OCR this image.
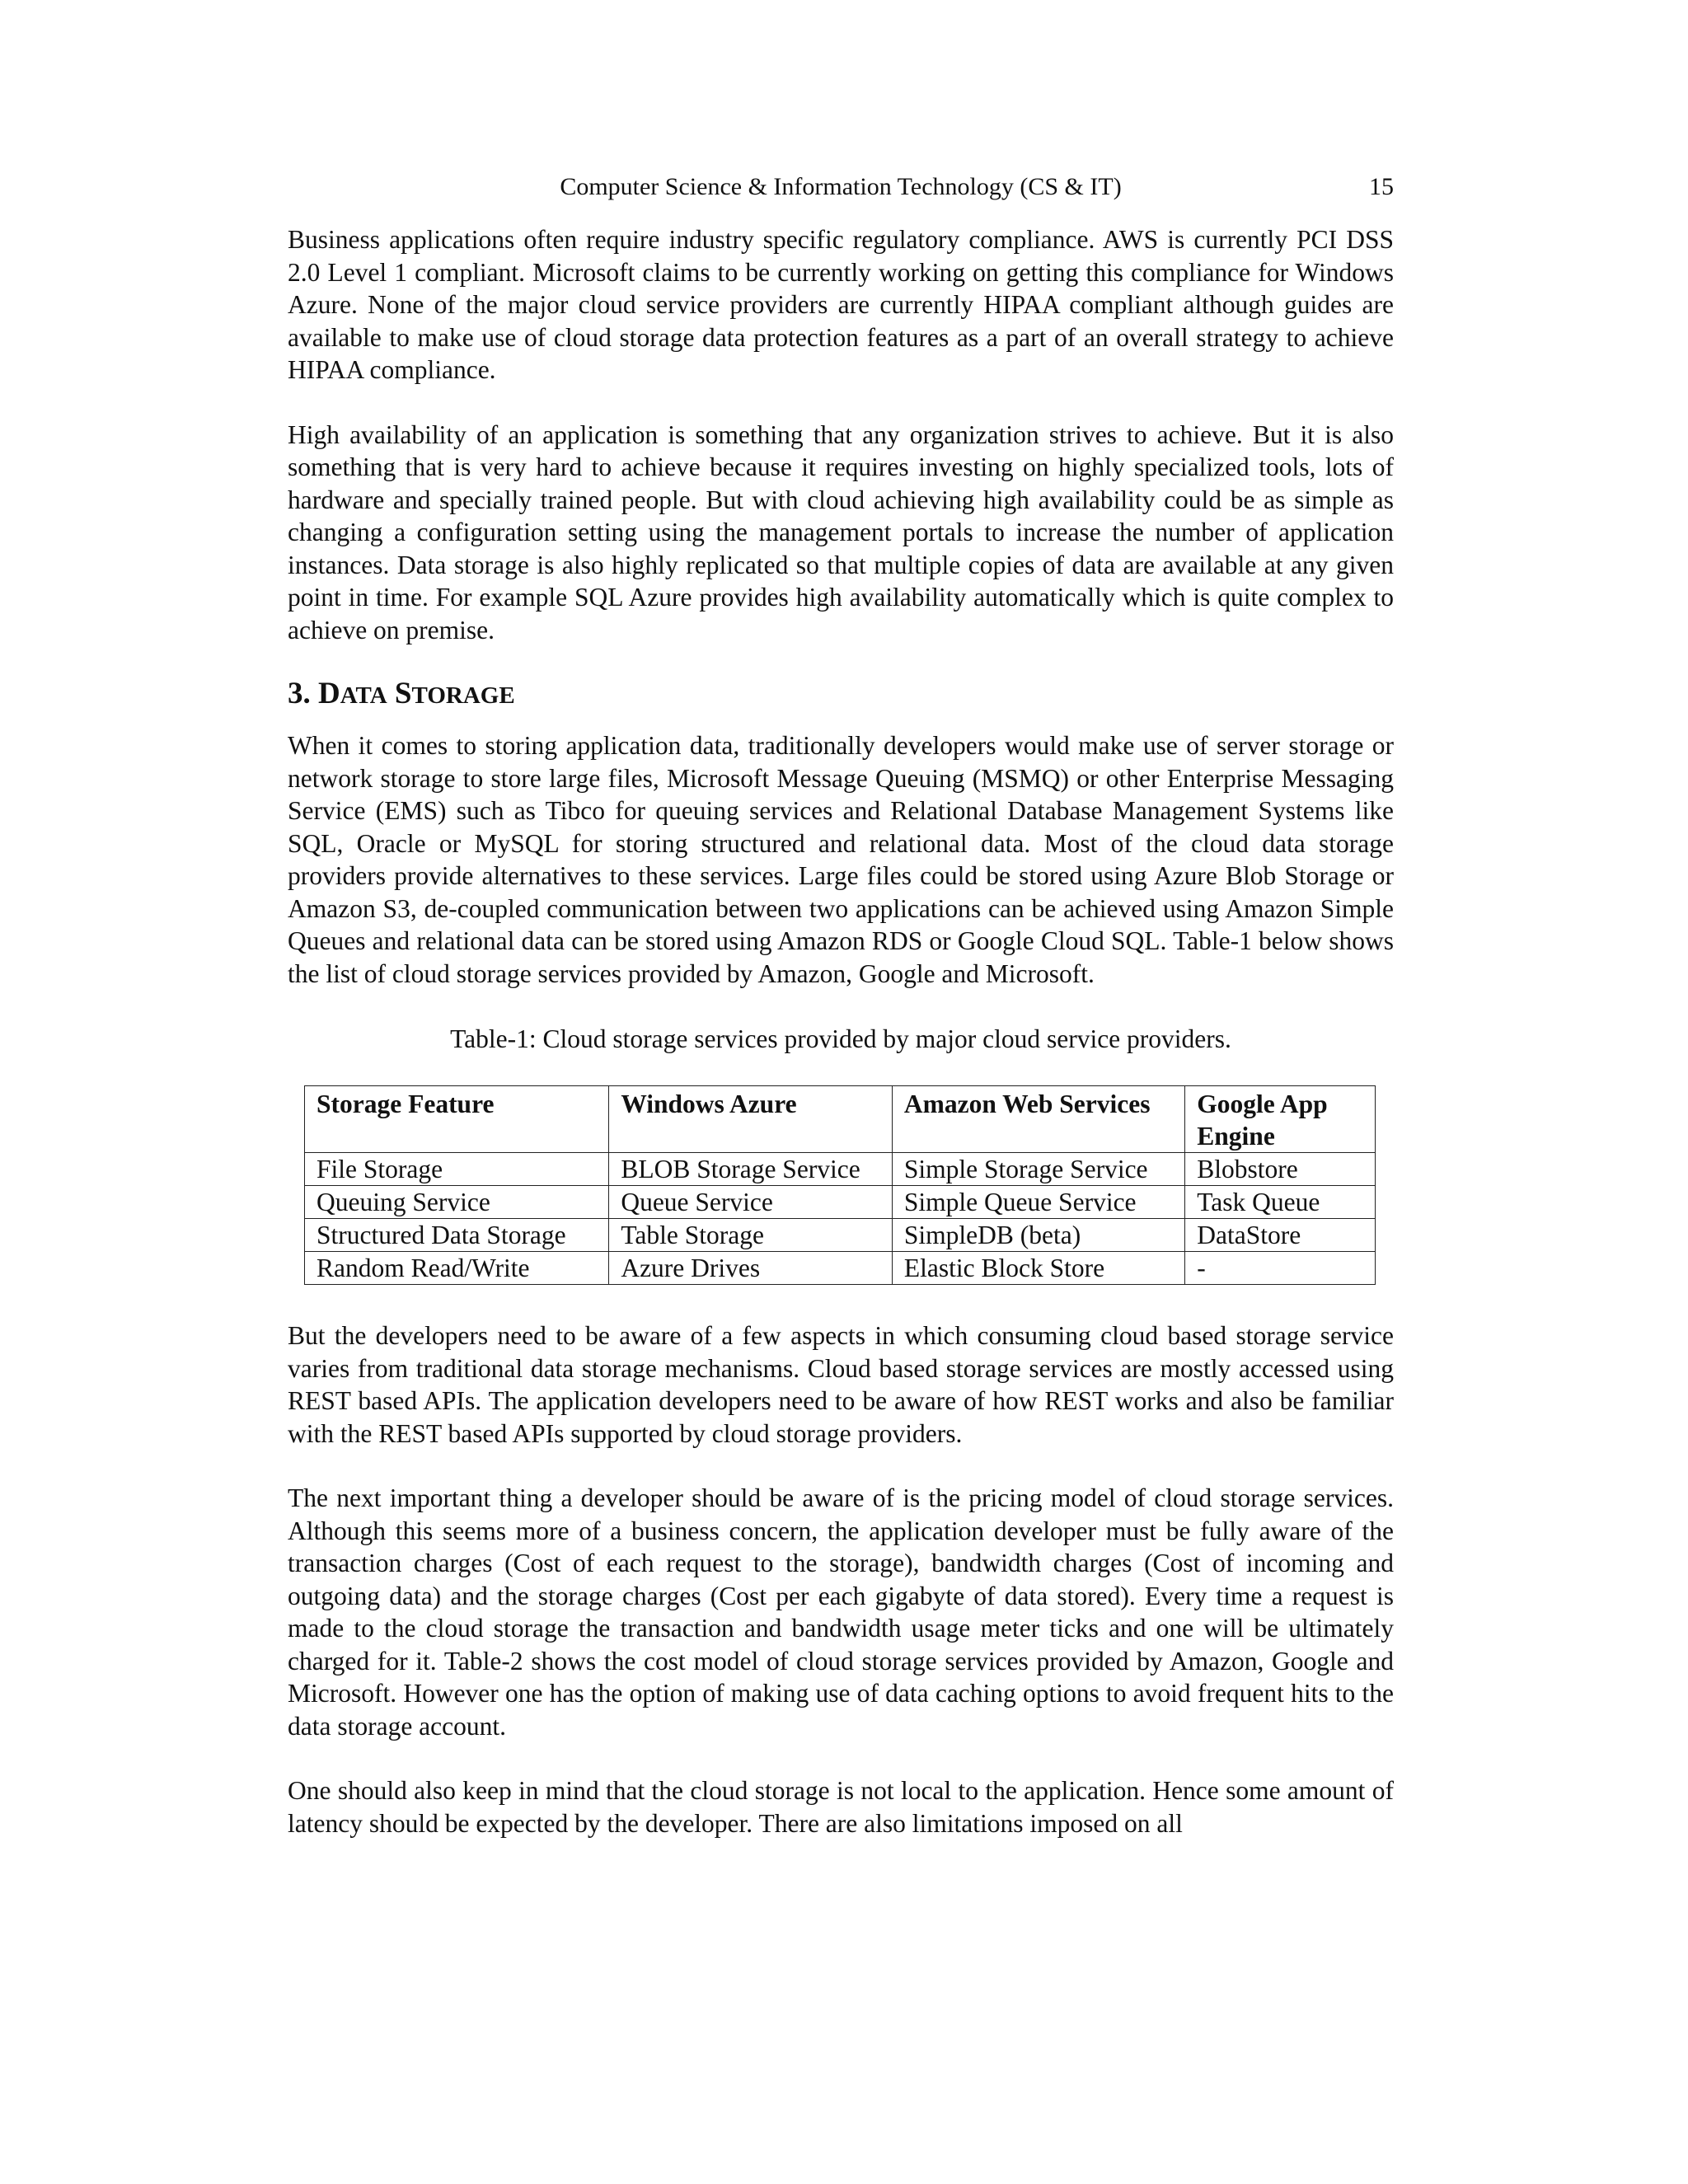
Computer Science & Information Technology (CS & IT)	15

Business applications often require industry specific regulatory compliance. AWS is currently PCI DSS 2.0 Level 1 compliant. Microsoft claims to be currently working on getting this compliance for Windows Azure. None of the major cloud service providers are currently HIPAA compliant although guides are available to make use of cloud storage data protection features as a part of an overall strategy to achieve HIPAA compliance.

High availability of an application is something that any organization strives to achieve. But it is also something that is very hard to achieve because it requires investing on highly specialized tools, lots of hardware and specially trained people. But with cloud achieving high availability could be as simple as changing a configuration setting using the management portals to increase the number of application instances. Data storage is also highly replicated so that multiple copies of data are available at any given point in time. For example SQL Azure provides high availability automatically which is quite complex to achieve on premise.

3. DATA STORAGE

When it comes to storing application data, traditionally developers would make use of server storage or network storage to store large files, Microsoft Message Queuing (MSMQ) or other Enterprise Messaging Service (EMS) such as Tibco for queuing services and Relational Database Management Systems like SQL, Oracle or MySQL for storing structured and relational data. Most of the cloud data storage providers provide alternatives to these services. Large files could be stored using Azure Blob Storage or Amazon S3, de-coupled communication between two applications can be achieved using Amazon Simple Queues and relational data can be stored using Amazon RDS or Google Cloud SQL. Table-1 below shows the list of cloud storage services provided by Amazon, Google and Microsoft.

Table-1: Cloud storage services provided by major cloud service providers.
Storage Feature	Windows Azure	Amazon Web Services	Google App Engine
File Storage	BLOB Storage Service	Simple Storage Service	Blobstore
Queuing Service	Queue Service	Simple Queue Service	Task Queue
Structured Data Storage	Table Storage	SimpleDB (beta)	DataStore
Random Read/Write	Azure Drives	Elastic Block Store	-

But the developers need to be aware of a few aspects in which consuming cloud based storage service varies from traditional data storage mechanisms. Cloud based storage services are mostly accessed using REST based APIs. The application developers need to be aware of how REST works and also be familiar with the REST based APIs supported by cloud storage providers.

The next important thing a developer should be aware of is the pricing model of cloud storage services. Although this seems more of a business concern, the application developer must be fully aware of the transaction charges (Cost of each request to the storage), bandwidth charges (Cost of incoming and outgoing data) and the storage charges (Cost per each gigabyte of data stored). Every time a request is made to the cloud storage the transaction and bandwidth usage meter ticks and one will be ultimately charged for it. Table-2 shows the cost model of cloud storage services provided by Amazon, Google and Microsoft. However one has the option of making use of data caching options to avoid frequent hits to the data storage account.

One should also keep in mind that the cloud storage is not local to the application. Hence some amount of latency should be expected by the developer. There are also limitations imposed on all
